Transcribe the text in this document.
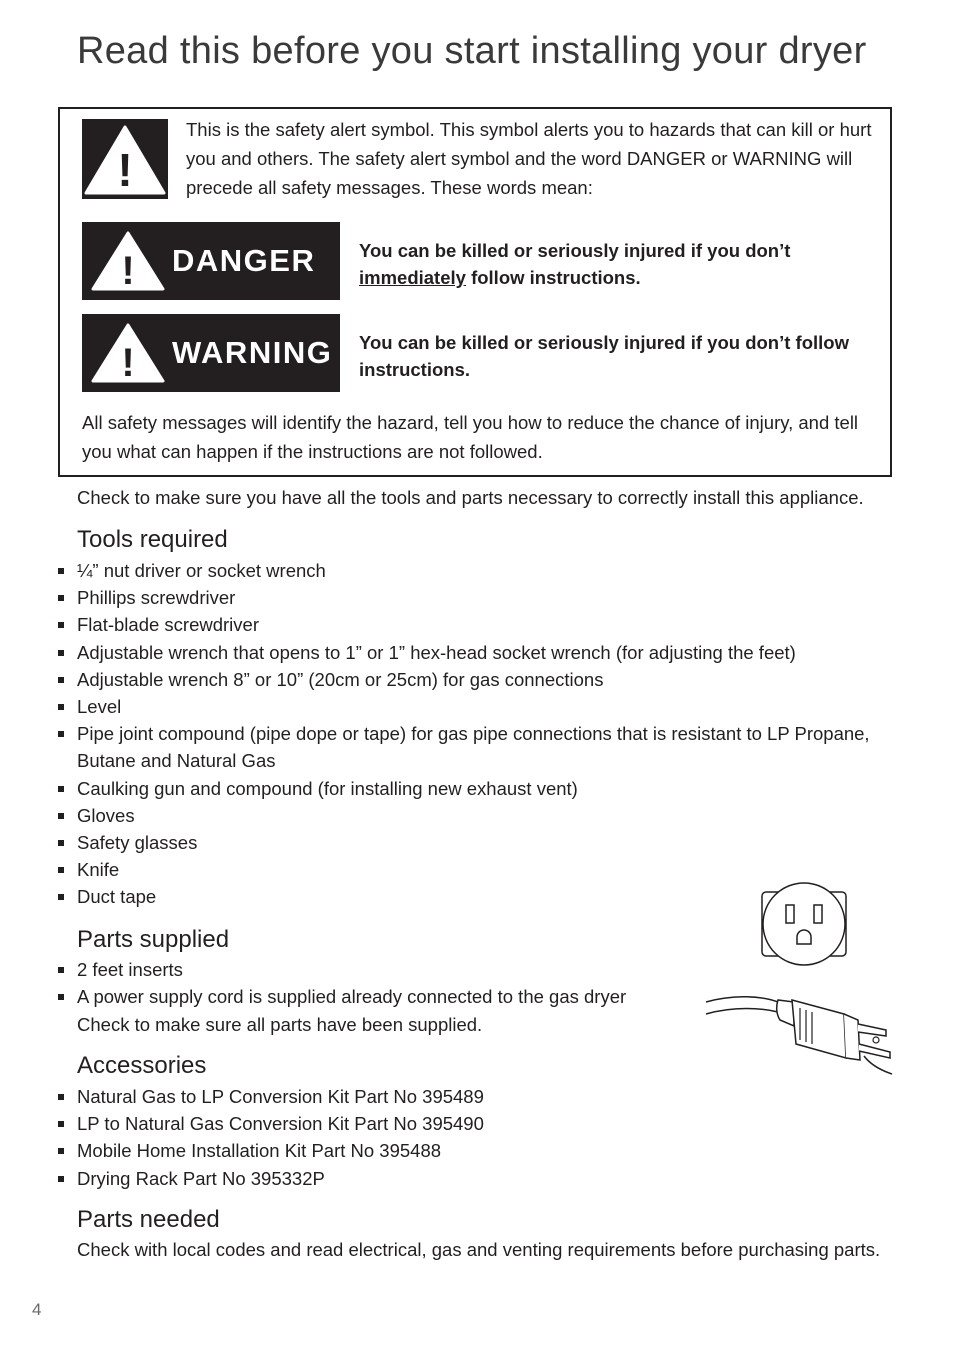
Read this before you start installing your dryer
!

This is the safety alert symbol. This symbol alerts you to hazards that can kill or hurt you and others. The safety alert symbol and the word DANGER or WARNING will precede all safety messages. These words mean:

! DANGER You can be killed or seriously injured if you don’t immediately follow instructions.

! WARNING You can be killed or seriously injured if you don’t follow instructions.

All safety messages will identify the hazard, tell you how to reduce the chance of injury, and tell you what can happen if the instructions are not followed.

Check to make sure you have all the tools and parts necessary to correctly install this appliance.

Tools required
¼” nut driver or socket wrench
Phillips screwdriver
Flat-blade screwdriver
Adjustable wrench that opens to 1” or 1” hex-head socket wrench (for adjusting the feet)
Adjustable wrench 8” or 10” (20cm or 25cm) for gas connections
Level
Pipe joint compound (pipe dope or tape) for gas pipe connections that is resistant to LP Propane, Butane and Natural Gas
Caulking gun and compound (for installing new exhaust vent)
Gloves
Safety glasses
Knife
Duct tape
Parts supplied
2 feet inserts
A power supply cord is supplied already connected to the gas dryer

Check to make sure all parts have been supplied.

Accessories
Natural Gas to LP Conversion Kit Part No 395489
LP to Natural Gas Conversion Kit Part No 395490
Mobile Home Installation Kit Part No 395488
Drying Rack Part No 395332P
Parts needed

Check with local codes and read electrical, gas and venting requirements before purchasing parts.

4
